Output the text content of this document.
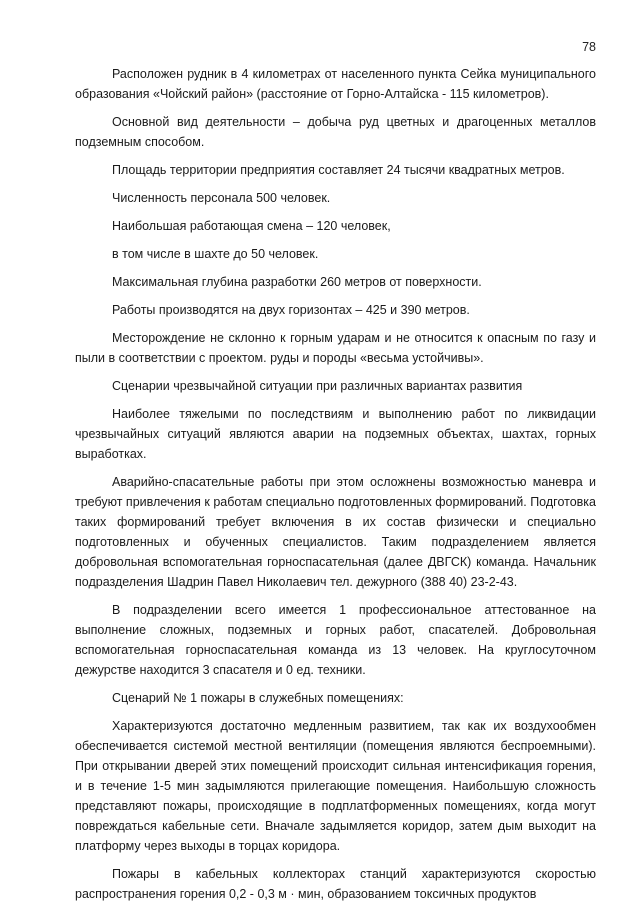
78

Расположен рудник в 4 километрах от населенного пункта Сейка муниципального образования «Чойский район» (расстояние от Горно-Алтайска - 115 километров).

Основной вид деятельности – добыча руд цветных и драгоценных металлов подземным способом.

Площадь территории предприятия составляет 24 тысячи квадратных метров.

Численность персонала 500 человек.

Наибольшая работающая смена – 120 человек,

в том числе в шахте до 50 человек.

Максимальная глубина разработки 260 метров от поверхности.

Работы производятся на двух горизонтах – 425 и 390 метров.

Месторождение не склонно к горным ударам и не относится к опасным по газу и пыли в соответствии с проектом. руды и породы «весьма устойчивы».

Сценарии чрезвычайной ситуации при различных вариантах развития

Наиболее тяжелыми по последствиям и выполнению работ по ликвидации чрезвычайных ситуаций являются аварии на подземных объектах, шахтах, горных выработках.

Аварийно-спасательные работы при этом осложнены возможностью маневра и требуют привлечения к работам специально подготовленных формирований. Подготовка таких формирований требует включения в их состав физически и специально подготовленных и обученных специалистов. Таким подразделением является добровольная вспомогательная горноспасательная (далее ДВГСК) команда. Начальник подразделения Шадрин Павел Николаевич тел. дежурного (388 40) 23-2-43.

В подразделении всего имеется 1 профессиональное аттестованное на выполнение сложных, подземных и горных работ, спасателей. Добровольная вспомогательная горноспасательная команда из 13 человек. На круглосуточном дежурстве находится 3 спасателя и 0 ед. техники.

Сценарий № 1 пожары в служебных помещениях:

Характеризуются достаточно медленным развитием, так как их воздухообмен обеспечивается системой местной вентиляции (помещения являются беспроемными). При открывании дверей этих помещений происходит сильная интенсификация горения, и в течение 1-5 мин задымляются прилегающие помещения. Наибольшую сложность представляют пожары, происходящие в подплатформенных помещениях, когда могут повреждаться кабельные сети. Вначале задымляется коридор, затем дым выходит на платформу через выходы в торцах коридора.

Пожары в кабельных коллекторах станций характеризуются скоростью распространения горения 0,2 - 0,3 м · мин, образованием токсичных продуктов
